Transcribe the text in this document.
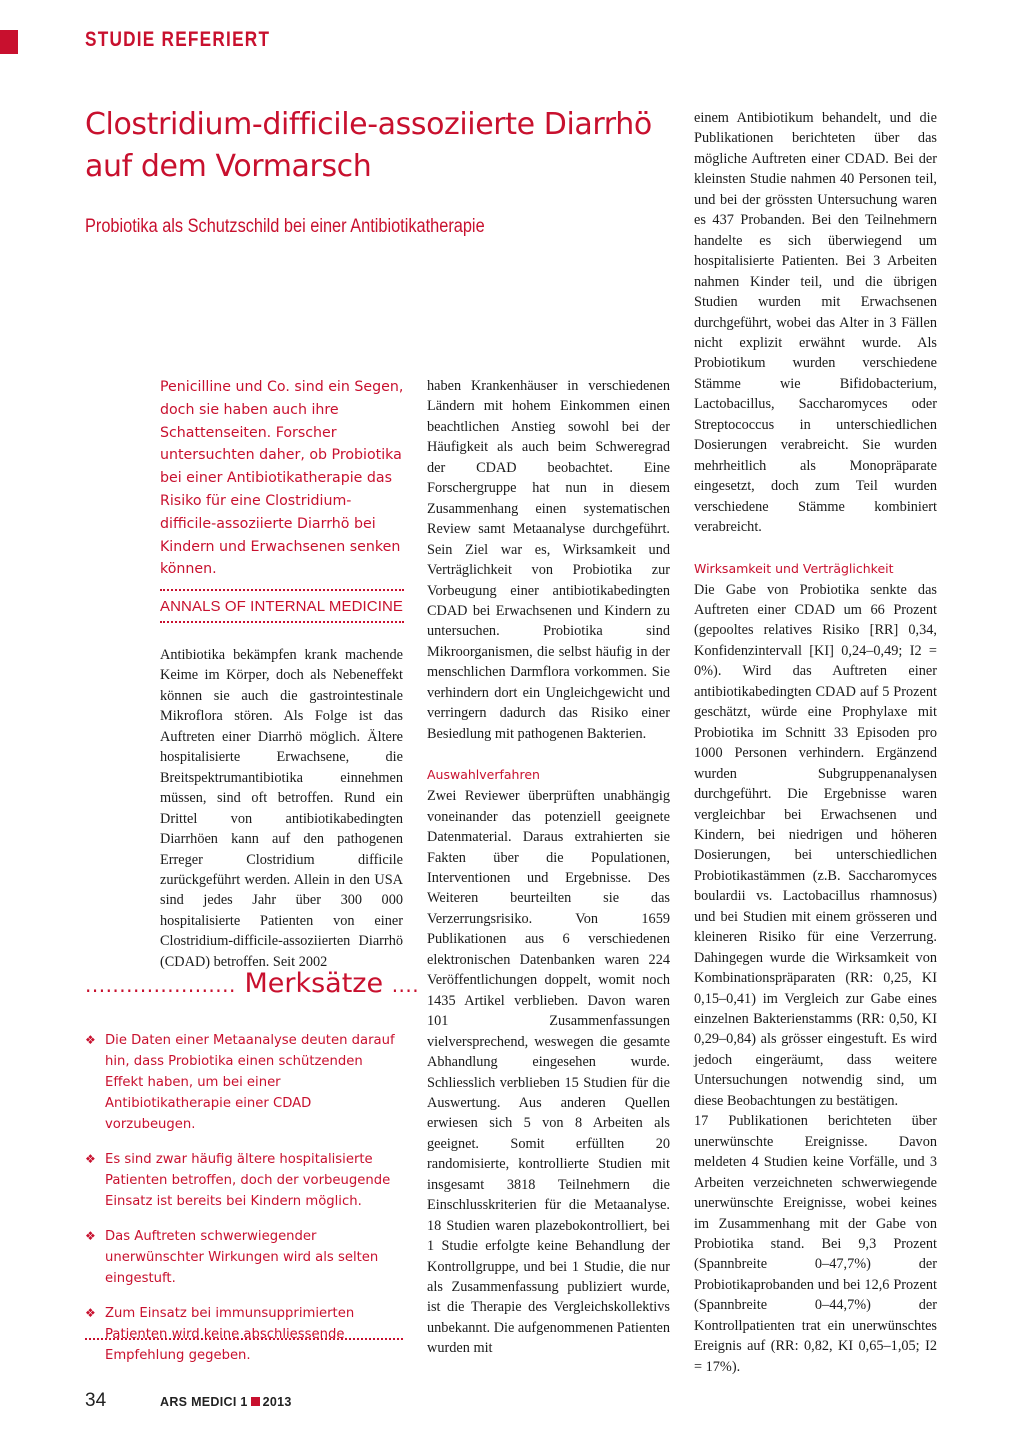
STUDIE REFERIERT
Clostridium-difficile-assoziierte Diarrhö auf dem Vormarsch
Probiotika als Schutzschild bei einer Antibiotikatherapie
Penicilline und Co. sind ein Segen, doch sie haben auch ihre Schattenseiten. Forscher untersuchten daher, ob Probiotika bei einer Antibiotikatherapie das Risiko für eine Clostridium-difficile-assoziierte Diarrhö bei Kindern und Erwachsenen senken können.
ANNALS OF INTERNAL MEDICINE

Antibiotika bekämpfen krank machende Keime im Körper, doch als Nebeneffekt können sie auch die gastrointestinale Mikroflora stören. Als Folge ist das Auftreten einer Diarrhö möglich. Ältere hospitalisierte Erwachsene, die Breitspektrumantibiotika einnehmen müssen, sind oft betroffen. Rund ein Drittel von antibiotikabedingten Diarrhöen kann auf den pathogenen Erreger Clostridium difficile zurückgeführt werden. Allein in den USA sind jedes Jahr über 300 000 hospitalisierte Patienten von einer Clostridium-difficile-assoziierten Diarrhö (CDAD) betroffen. Seit 2002

haben Krankenhäuser in verschiedenen Ländern mit hohem Einkommen einen beachtlichen Anstieg sowohl bei der Häufigkeit als auch beim Schweregrad der CDAD beobachtet. Eine Forschergruppe hat nun in diesem Zusammenhang einen systematischen Review samt Metaanalyse durchgeführt. Sein Ziel war es, Wirksamkeit und Verträglichkeit von Probiotika zur Vorbeugung einer antibiotikabedingten CDAD bei Erwachsenen und Kindern zu untersuchen. Probiotika sind Mikroorganismen, die selbst häufig in der menschlichen Darmflora vorkommen. Sie verhindern dort ein Ungleichgewicht und verringern dadurch das Risiko einer Besiedlung mit pathogenen Bakterien.

Auswahlverfahren

Zwei Reviewer überprüften unabhängig voneinander das potenziell geeignete Datenmaterial. Daraus extrahierten sie Fakten über die Populationen, Interventionen und Ergebnisse. Des Weiteren beurteilten sie das Verzerrungsrisiko. Von 1659 Publikationen aus 6 verschiedenen elektronischen Datenbanken waren 224 Veröffentlichungen doppelt, womit noch 1435 Artikel verblieben. Davon waren 101 Zusammenfassungen vielversprechend, weswegen die gesamte Abhandlung eingesehen wurde. Schliesslich verblieben 15 Studien für die Auswertung. Aus anderen Quellen erwiesen sich 5 von 8 Arbeiten als geeignet. Somit erfüllten 20 randomisierte, kontrollierte Studien mit insgesamt 3818 Teilnehmern die Einschlusskriterien für die Metaanalyse. 18 Studien waren plazebokontrolliert, bei 1 Studie erfolgte keine Behandlung der Kontrollgruppe, und bei 1 Studie, die nur als Zusammenfassung publiziert wurde, ist die Therapie des Vergleichskollektivs unbekannt. Die aufgenommenen Patienten wurden mit

einem Antibiotikum behandelt, und die Publikationen berichteten über das mögliche Auftreten einer CDAD. Bei der kleinsten Studie nahmen 40 Personen teil, und bei der grössten Untersuchung waren es 437 Probanden. Bei den Teilnehmern handelte es sich überwiegend um hospitalisierte Patienten. Bei 3 Arbeiten nahmen Kinder teil, und die übrigen Studien wurden mit Erwachsenen durchgeführt, wobei das Alter in 3 Fällen nicht explizit erwähnt wurde. Als Probiotikum wurden verschiedene Stämme wie Bifidobacterium, Lactobacillus, Saccharomyces oder Streptococcus in unterschiedlichen Dosierungen verabreicht. Sie wurden mehrheitlich als Monopräparate eingesetzt, doch zum Teil wurden verschiedene Stämme kombiniert verabreicht.

Wirksamkeit und Verträglichkeit

Die Gabe von Probiotika senkte das Auftreten einer CDAD um 66 Prozent (gepooltes relatives Risiko [RR] 0,34, Konfidenzintervall [KI] 0,24–0,49; I2 = 0%). Wird das Auftreten einer antibiotikabedingten CDAD auf 5 Prozent geschätzt, würde eine Prophylaxe mit Probiotika im Schnitt 33 Episoden pro 1000 Personen verhindern. Ergänzend wurden Subgruppenanalysen durchgeführt. Die Ergebnisse waren vergleichbar bei Erwachsenen und Kindern, bei niedrigen und höheren Dosierungen, bei unterschiedlichen Probiotikastämmen (z.B. Saccharomyces boulardii vs. Lactobacillus rhamnosus) und bei Studien mit einem grösseren und kleineren Risiko für eine Verzerrung. Dahingegen wurde die Wirksamkeit von Kombinationspräparaten (RR: 0,25, KI 0,15–0,41) im Vergleich zur Gabe eines einzelnen Bakterienstamms (RR: 0,50, KI 0,29–0,84) als grösser eingestuft. Es wird jedoch eingeräumt, dass weitere Untersuchungen notwendig sind, um diese Beobachtungen zu bestätigen.

17 Publikationen berichteten über unerwünschte Ereignisse. Davon meldeten 4 Studien keine Vorfälle, und 3 Arbeiten verzeichneten schwerwiegende unerwünschte Ereignisse, wobei keines im Zusammenhang mit der Gabe von Probiotika stand. Bei 9,3 Prozent (Spannbreite 0–47,7%) der Probiotikaprobanden und bei 12,6 Prozent (Spannbreite 0–44,7%) der Kontrollpatienten trat ein unerwünschtes Ereignis auf (RR: 0,82, KI 0,65–1,05; I2 = 17%).

...................... Merksätze ....
❖ Die Daten einer Metaanalyse deuten darauf hin, dass Probiotika einen schützenden Effekt haben, um bei einer Antibiotikatherapie einer CDAD vorzubeugen.
❖ Es sind zwar häufig ältere hospitalisierte Patienten betroffen, doch der vorbeugende Einsatz ist bereits bei Kindern möglich.
❖ Das Auftreten schwerwiegender unerwünschter Wirkungen wird als selten eingestuft.
❖ Zum Einsatz bei immunsupprimierten Patienten wird keine abschliessende Empfehlung gegeben.
34	ARS MEDICI 1 2013
